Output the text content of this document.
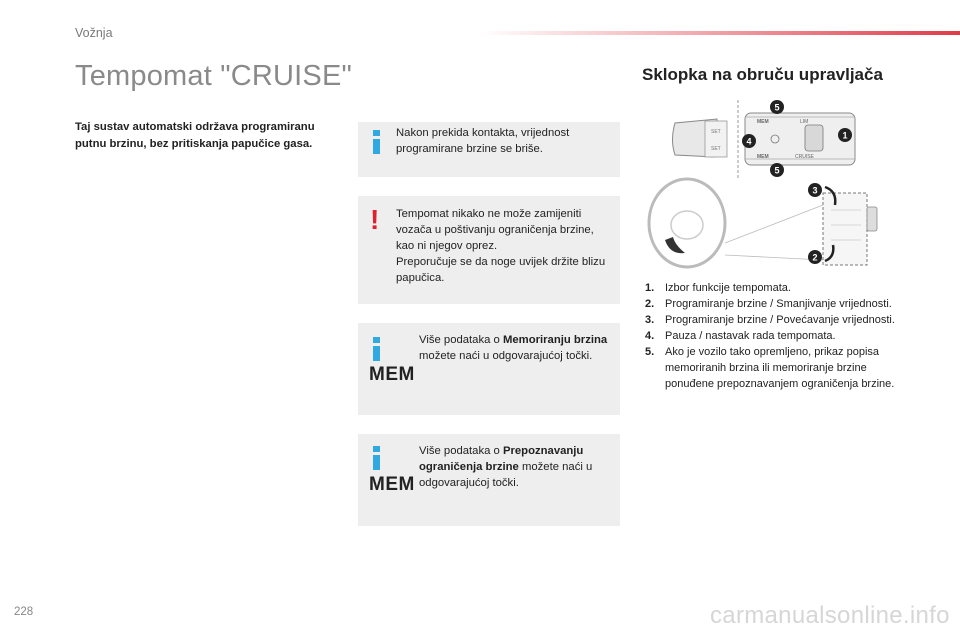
Vožnja
Tempomat "CRUISE"

Taj sustav automatski održava programiranu putnu brzinu, bez pritiskanja papučice gasa.

Nakon prekida kontakta, vrijednost programirane brzine se briše.

! Tempomat nikako ne može zamijeniti vozača u poštivanju ograničenja brzine, kao ni njegov oprez.
Preporučuje se da noge uvijek držite blizu papučica.

MEM

Više podataka o Memoriranju brzina možete naći u odgovarajućoj točki.

MEM

Više podataka o Prepoznavanju ograničenja brzine možete naći u odgovarajućoj točki.

Sklopka na obruču upravljača
SET
SET
MEM
MEM	CRUISE
LIM
5
4
1
5
3
2
1. Izbor funkcije tempomata.
2. Programiranje brzine / Smanjivanje vrijednosti.
3. Programiranje brzine / Povećavanje vrijednosti.
4. Pauza / nastavak rada tempomata.
5. Ako je vozilo tako opremljeno, prikaz popisa memoriranih brzina ili memoriranje brzine ponuđene prepoznavanjem ograničenja brzine.
228	carmanualsonline.info
